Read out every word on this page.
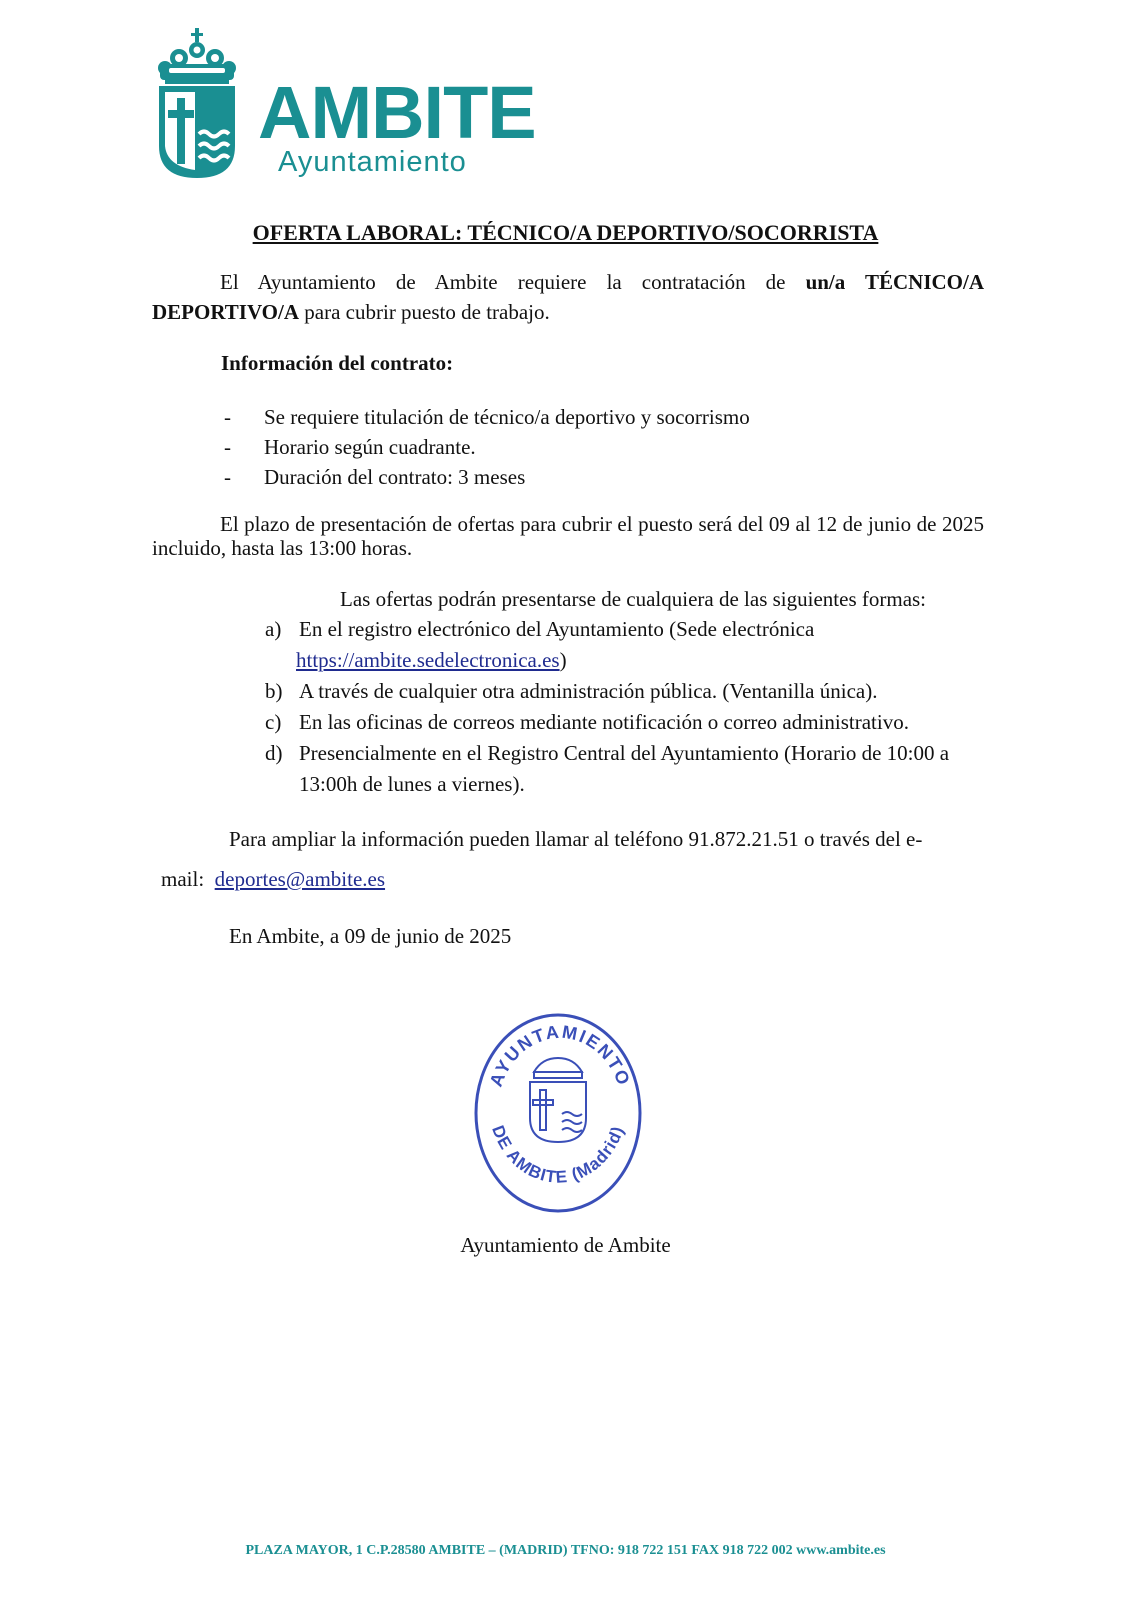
AMBITE
Ayuntamiento
OFERTA LABORAL: TÉCNICO/A DEPORTIVO/SOCORRISTA
El Ayuntamiento de Ambite requiere la contratación de un/a TÉCNICO/A DEPORTIVO/A para cubrir puesto de trabajo.
Información del contrato:
- Se requiere titulación de técnico/a deportivo y socorrismo
- Horario según cuadrante.
- Duración del contrato: 3 meses
El plazo de presentación de ofertas para cubrir el puesto será del 09 al 12 de junio de 2025 incluido, hasta las 13:00 horas.
Las ofertas podrán presentarse de cualquiera de las siguientes formas:
a) En el registro electrónico del Ayuntamiento (Sede electrónica
https://ambite.sedelectronica.es)
b) A través de cualquier otra administración pública. (Ventanilla única).
c) En las oficinas de correos mediante notificación o correo administrativo.
d) Presencialmente en el Registro Central del Ayuntamiento (Horario de 10:00 a 13:00h de lunes a viernes).
Para ampliar la información pueden llamar al teléfono 91.872.21.51 o través del e-
mail: deportes@ambite.es
En Ambite, a 09 de junio de 2025
AYUNTAMIENTO
DE AMBITE (Madrid)
Ayuntamiento de Ambite
PLAZA MAYOR, 1 C.P.28580 AMBITE – (MADRID) TFNO: 918 722 151 FAX 918 722 002 www.ambite.es
